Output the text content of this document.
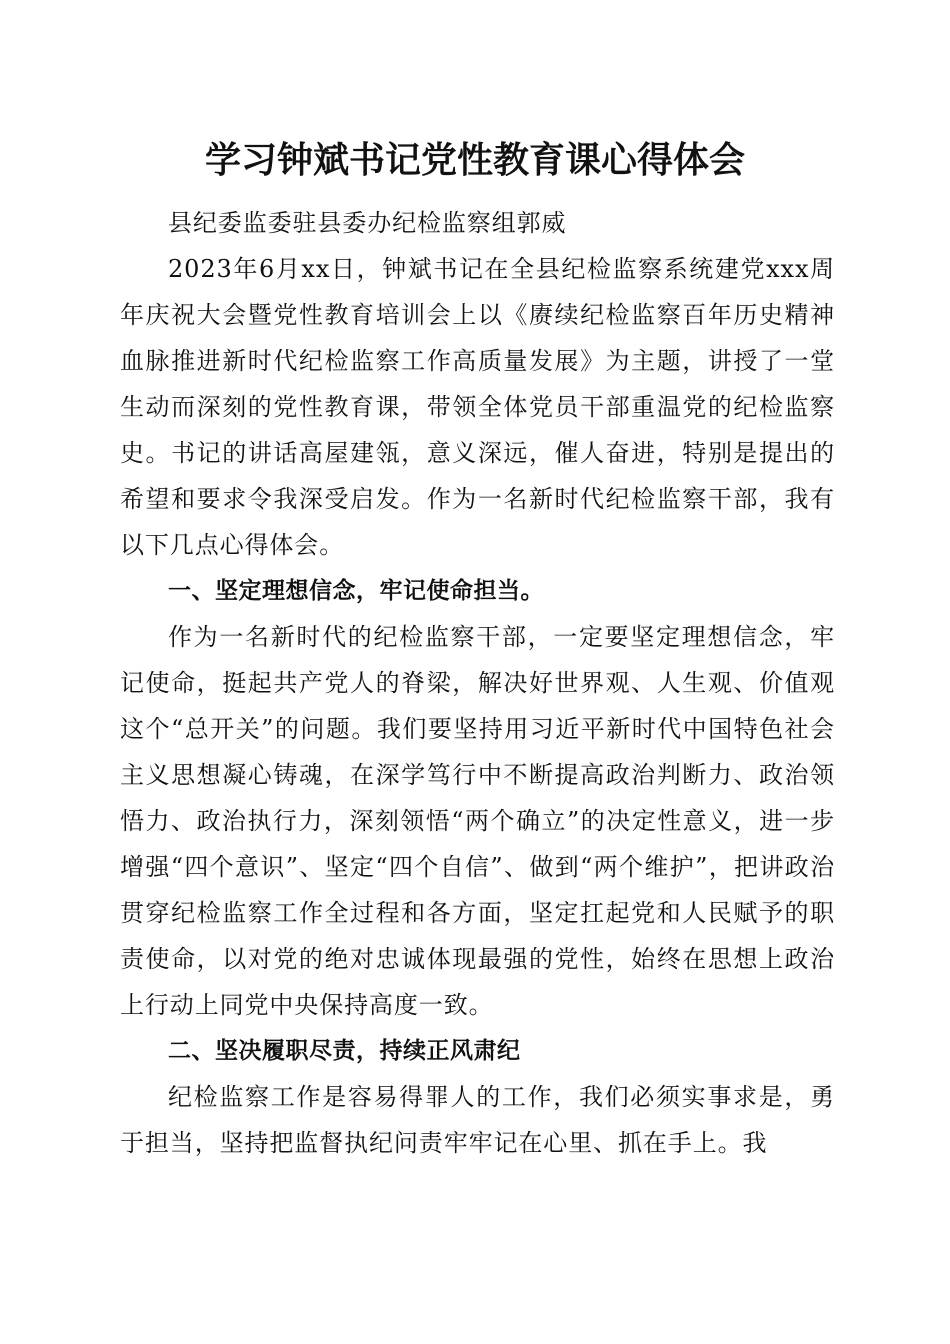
学习钟斌书记党性教育课心得体会

县纪委监委驻县委办纪检监察组郭威

2023年6月xx日，钟斌书记在全县纪检监察系统建党xxx周年庆祝大会暨党性教育培训会上以《赓续纪检监察百年历史精神血脉推进新时代纪检监察工作高质量发展》为主题，讲授了一堂生动而深刻的党性教育课，带领全体党员干部重温党的纪检监察史。书记的讲话高屋建瓴，意义深远，催人奋进，特别是提出的希望和要求令我深受启发。作为一名新时代纪检监察干部，我有以下几点心得体会。

一、坚定理想信念，牢记使命担当。

作为一名新时代的纪检监察干部，一定要坚定理想信念，牢记使命，挺起共产党人的脊梁，解决好世界观、人生观、价值观这个“总开关”的问题。我们要坚持用习近平新时代中国特色社会主义思想凝心铸魂，在深学笃行中不断提高政治判断力、政治领悟力、政治执行力，深刻领悟“两个确立”的决定性意义，进一步增强“四个意识”、坚定“四个自信”、做到“两个维护”，把讲政治贯穿纪检监察工作全过程和各方面，坚定扛起党和人民赋予的职责使命，以对党的绝对忠诚体现最强的党性，始终在思想上政治上行动上同党中央保持高度一致。

二、坚决履职尽责，持续正风肃纪

纪检监察工作是容易得罪人的工作，我们必须实事求是，勇于担当，坚持把监督执纪问责牢牢记在心里、抓在手上。我
